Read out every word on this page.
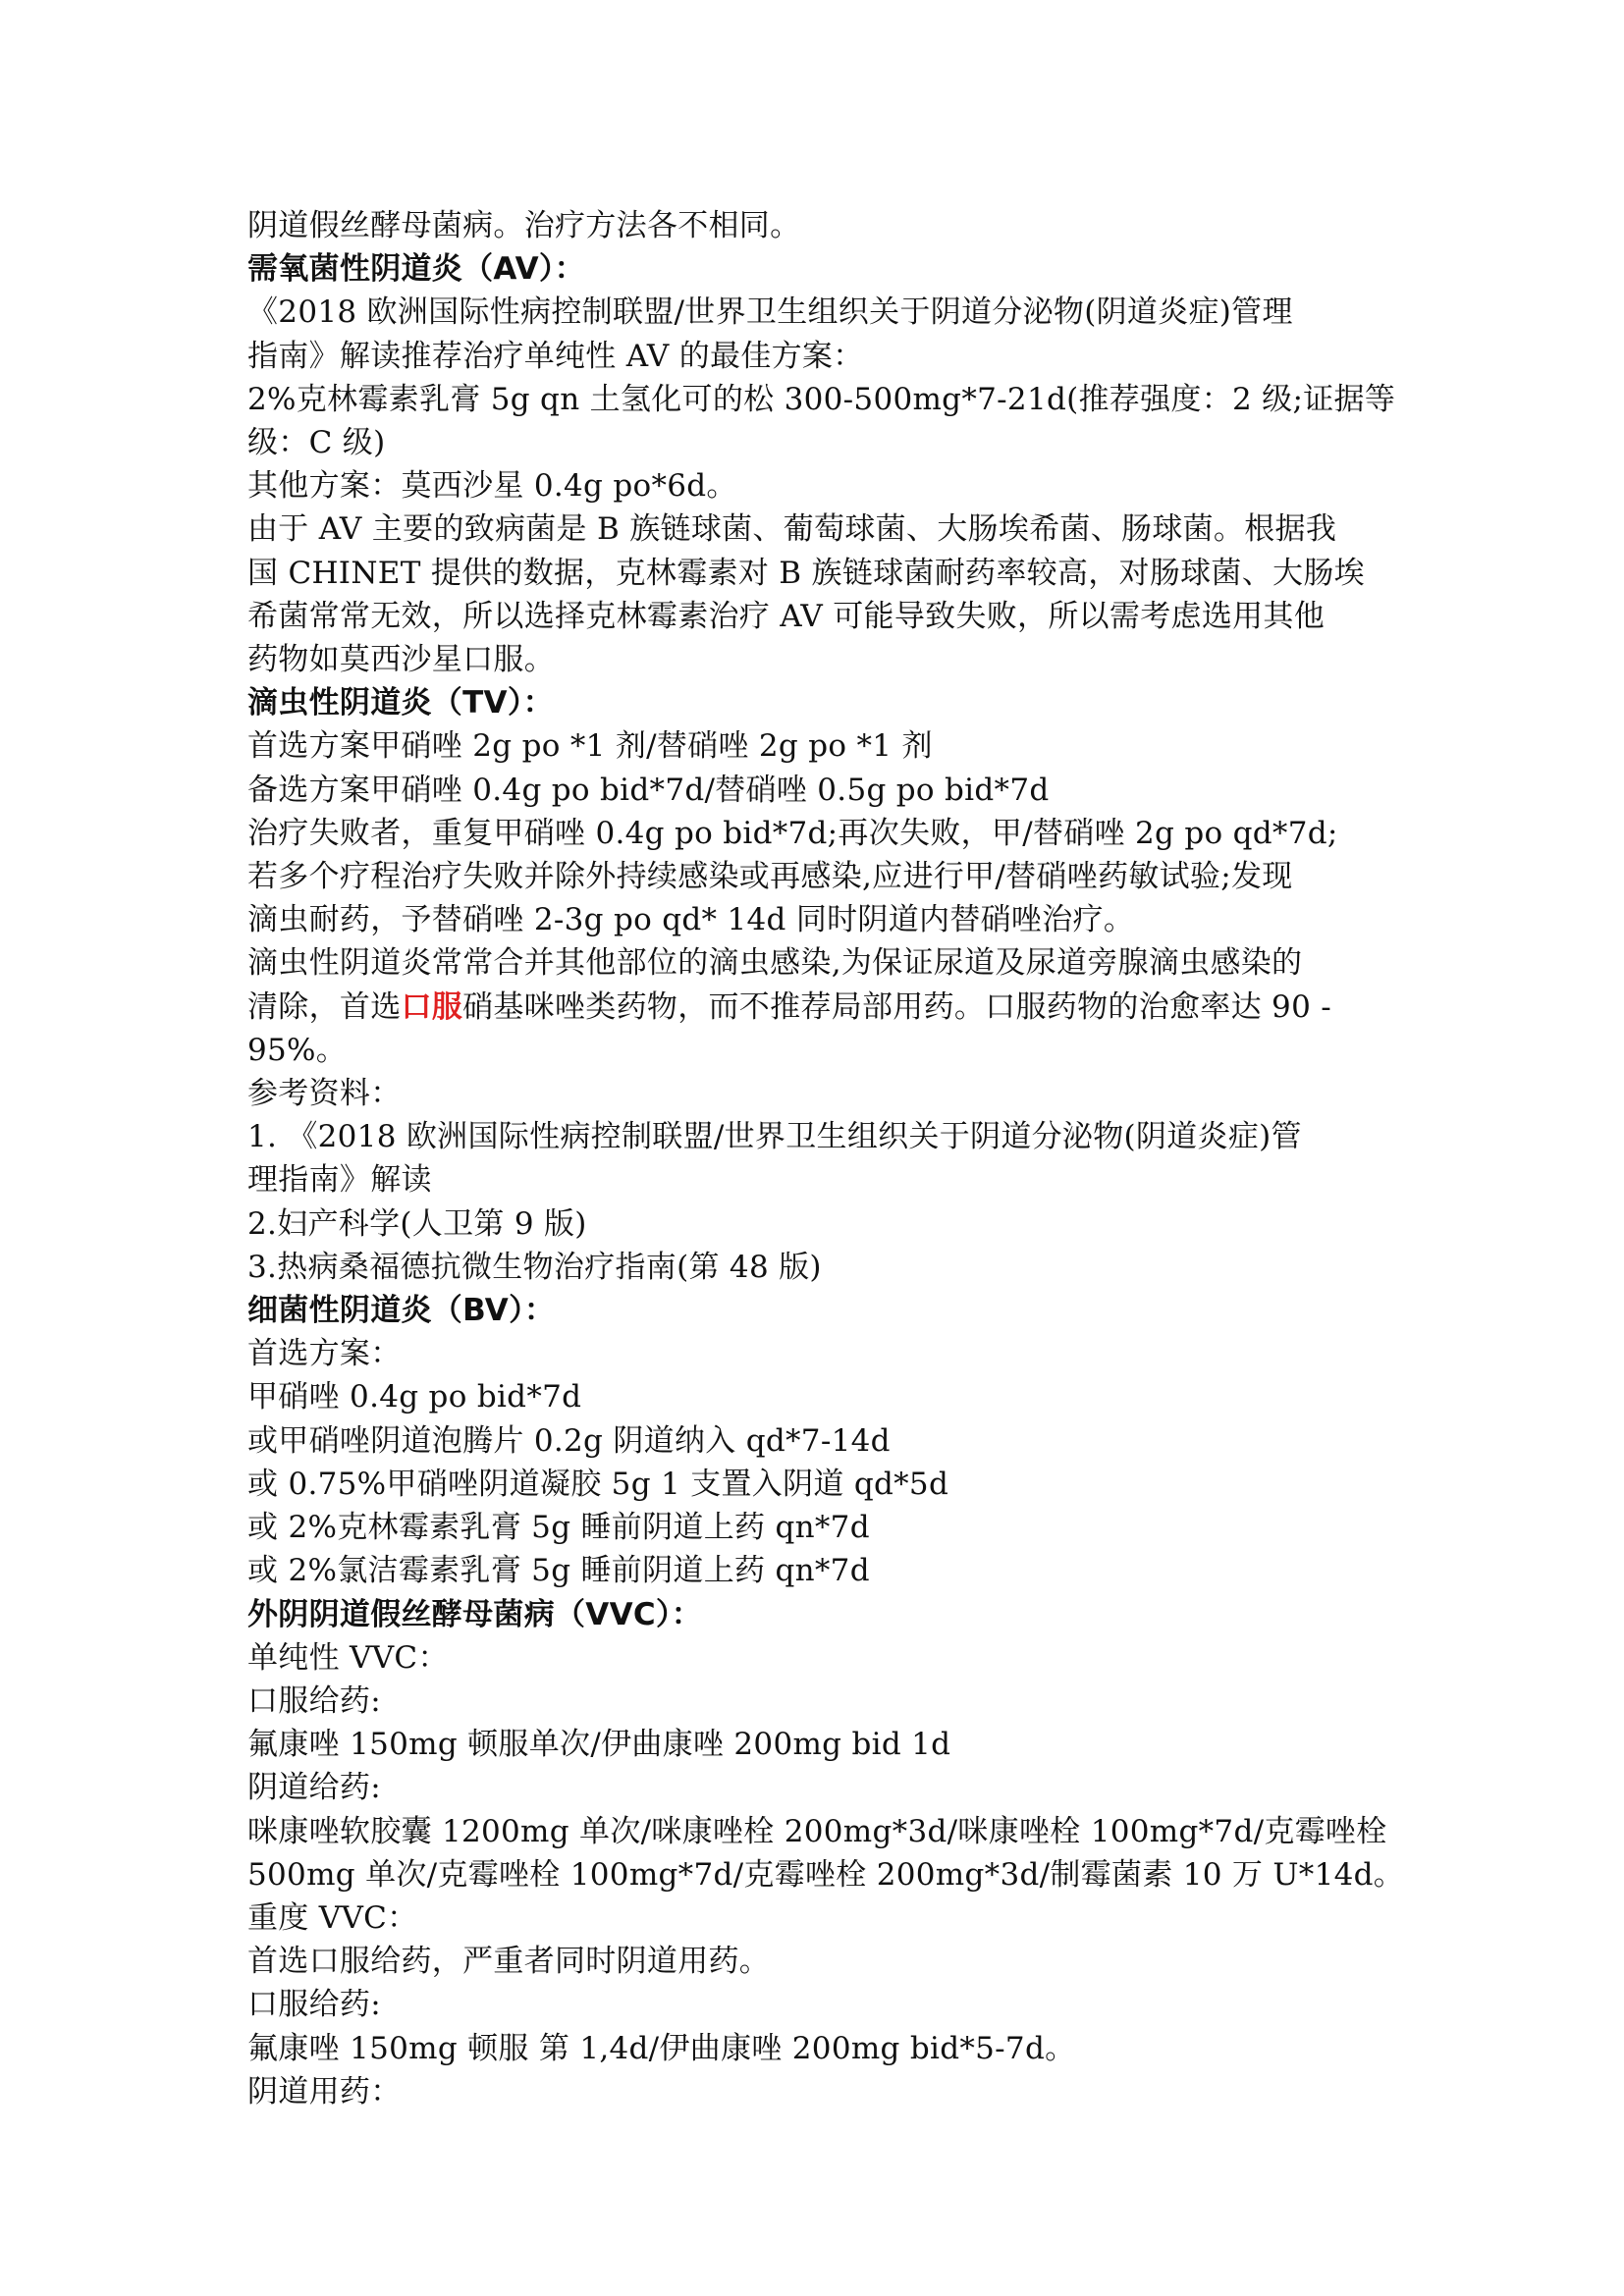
阴道假丝酵母菌病。治疗方法各不相同。
需氧菌性阴道炎（AV）：
《2018 欧洲国际性病控制联盟/世界卫生组织关于阴道分泌物(阴道炎症)管理
指南》解读推荐治疗单纯性 AV 的最佳方案：
2%克林霉素乳膏 5g qn 土氢化可的松 300-500mg*7-21d(推荐强度：2 级;证据等
级：C 级)
其他方案：莫西沙星 0.4g po*6d。
由于 AV 主要的致病菌是 B 族链球菌、葡萄球菌、大肠埃希菌、肠球菌。根据我
国 CHINET 提供的数据，克林霉素对 B 族链球菌耐药率较高，对肠球菌、大肠埃
希菌常常无效，所以选择克林霉素治疗 AV 可能导致失败，所以需考虑选用其他
药物如莫西沙星口服。
滴虫性阴道炎（TV）：
首选方案甲硝唑 2g po *1 剂/替硝唑 2g po *1 剂
备选方案甲硝唑 0.4g po bid*7d/替硝唑 0.5g po bid*7d
治疗失败者，重复甲硝唑 0.4g po bid*7d;再次失败，甲/替硝唑 2g po qd*7d;
若多个疗程治疗失败并除外持续感染或再感染,应进行甲/替硝唑药敏试验;发现
滴虫耐药，予替硝唑 2-3g po qd* 14d 同时阴道内替硝唑治疗。
滴虫性阴道炎常常合并其他部位的滴虫感染,为保证尿道及尿道旁腺滴虫感染的
清除，首选口服硝基咪唑类药物，而不推荐局部用药。口服药物的治愈率达 90 -
95%。
参考资料：
1. 《2018 欧洲国际性病控制联盟/世界卫生组织关于阴道分泌物(阴道炎症)管
理指南》解读
2.妇产科学(人卫第 9 版)
3.热病桑福德抗微生物治疗指南(第 48 版)
细菌性阴道炎（BV）：
首选方案：
甲硝唑 0.4g po bid*7d
或甲硝唑阴道泡腾片 0.2g 阴道纳入 qd*7-14d
或 0.75%甲硝唑阴道凝胶 5g 1 支置入阴道 qd*5d
或 2%克林霉素乳膏 5g 睡前阴道上药 qn*7d
或 2%氯洁霉素乳膏 5g 睡前阴道上药 qn*7d
外阴阴道假丝酵母菌病（VVC）：
单纯性 VVC：
口服给药:
氟康唑 150mg 顿服单次/伊曲康唑 200mg bid 1d
阴道给药:
咪康唑软胶囊 1200mg 单次/咪康唑栓 200mg*3d/咪康唑栓 100mg*7d/克霉唑栓
500mg 单次/克霉唑栓 100mg*7d/克霉唑栓 200mg*3d/制霉菌素 10 万 U*14d。
重度 VVC：
首选口服给药，严重者同时阴道用药。
口服给药:
氟康唑 150mg 顿服 第 1,4d/伊曲康唑 200mg bid*5-7d。
阴道用药：
